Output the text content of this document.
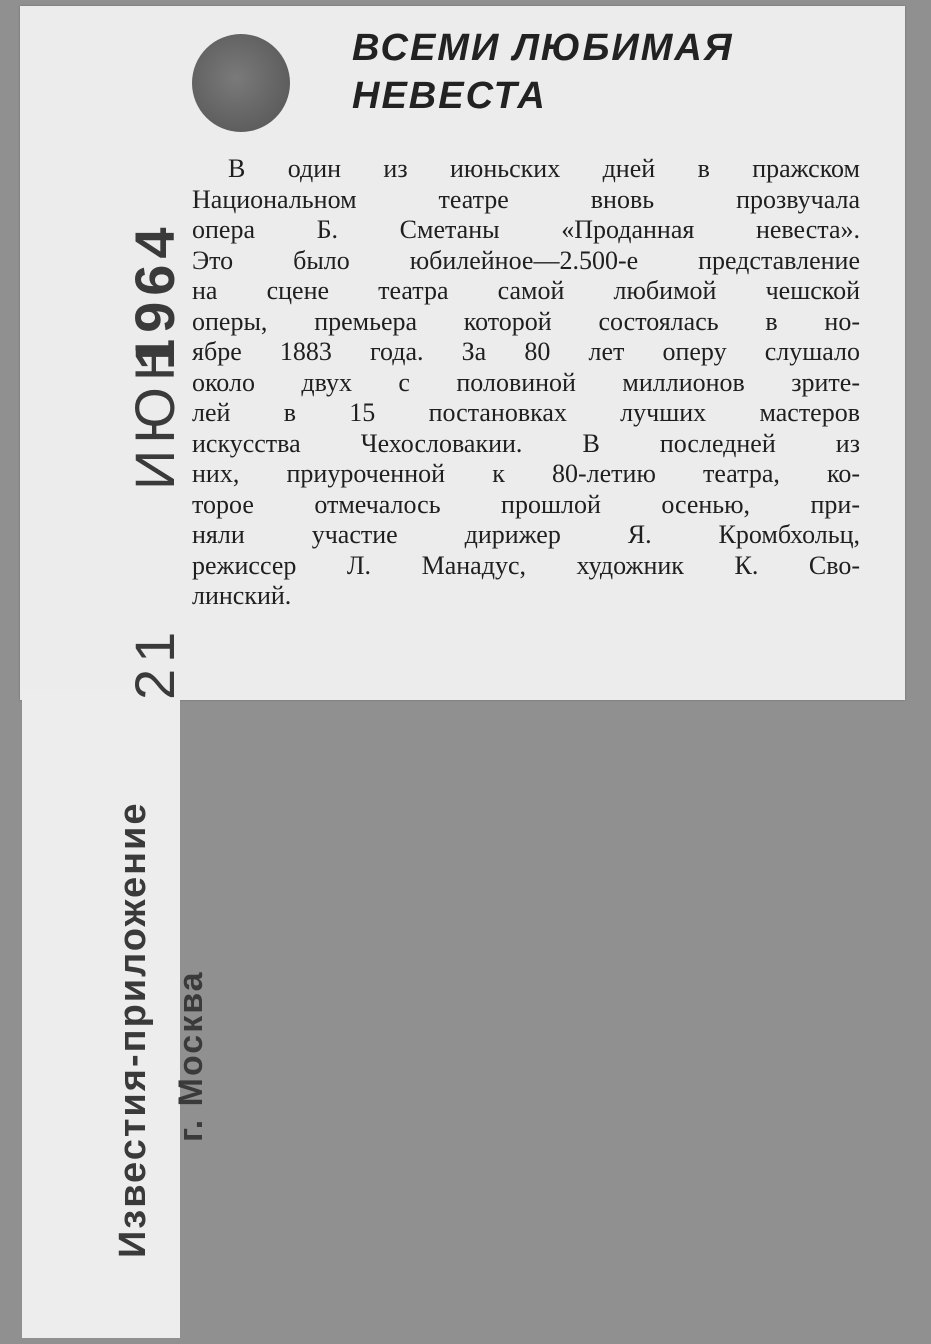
ВСЕМИ ЛЮБИМАЯ
НЕВЕСТА
В один из июньских дней в пражском
Национальном театре вновь прозвучала
опера Б. Сметаны «Проданная невеста».
Это было юбилейное—2.500-е представление
на сцене театра самой любимой чешской
оперы, премьера которой состоялась в но-
ябре 1883 года. За 80 лет оперу слушало
около двух с половиной миллионов зрите-
лей в 15 постановках лучших мастеров
искусства Чехословакии. В последней из
них, приуроченной к 80-летию театра, ко-
торое отмечалось прошлой осенью, при-
няли участие дирижер Я. Кромбхольц,
режиссер Л. Манадус, художник К. Сво-
линский.
21
ИЮН
1964
Известия-приложение г. Москва
